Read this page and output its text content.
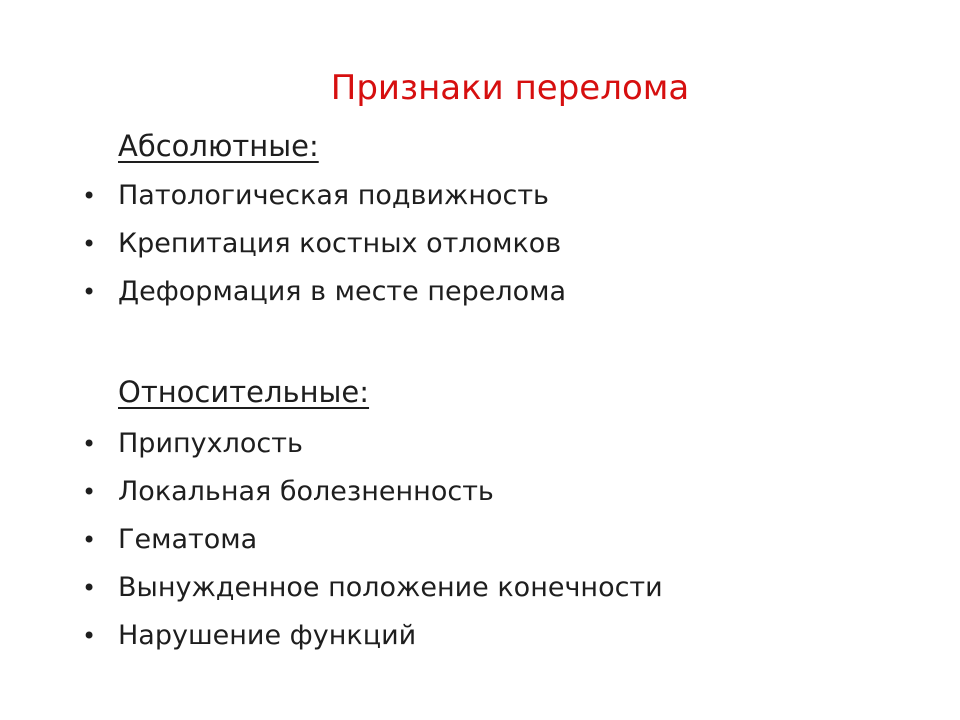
Признаки перелома
Абсолютные:
• Патологическая подвижность
• Крепитация костных отломков
• Деформация в месте перелома
Относительные:
• Припухлость
• Локальная болезненность
• Гематома
• Вынужденное положение конечности
• Нарушение функций
